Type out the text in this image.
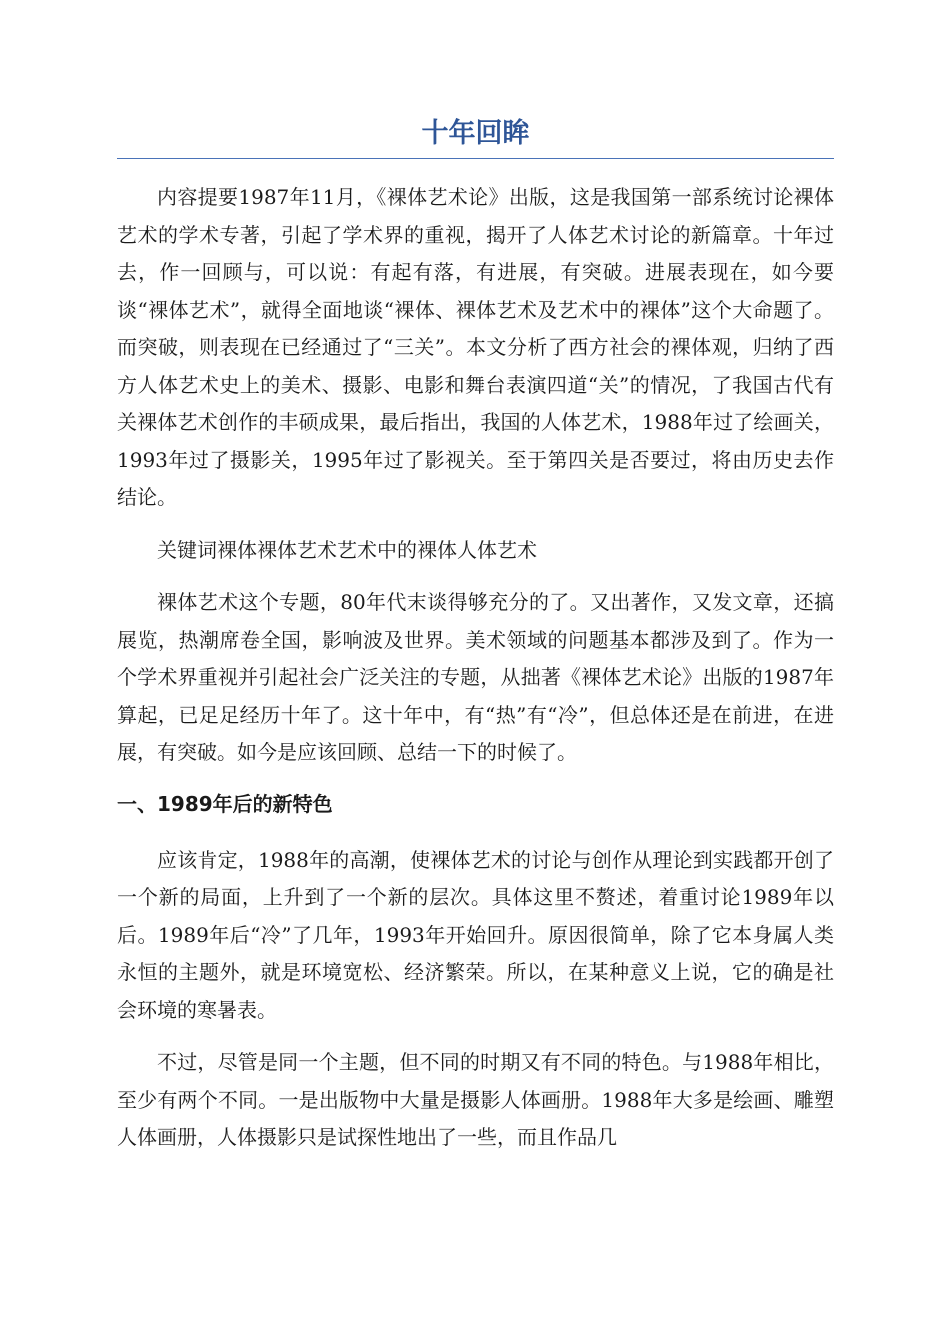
十年回眸

内容提要1987年11月，《裸体艺术论》出版，这是我国第一部系统讨论裸体艺术的学术专著，引起了学术界的重视，揭开了人体艺术讨论的新篇章。十年过去，作一回顾与，可以说：有起有落，有进展，有突破。进展表现在，如今要谈“裸体艺术”，就得全面地谈“裸体、裸体艺术及艺术中的裸体”这个大命题了。而突破，则表现在已经通过了“三关”。本文分析了西方社会的裸体观，归纳了西方人体艺术史上的美术、摄影、电影和舞台表演四道“关”的情况，了我国古代有关裸体艺术创作的丰硕成果，最后指出，我国的人体艺术，1988年过了绘画关，1993年过了摄影关，1995年过了影视关。至于第四关是否要过，将由历史去作结论。

关键词裸体裸体艺术艺术中的裸体人体艺术

裸体艺术这个专题，80年代末谈得够充分的了。又出著作，又发文章，还搞展览，热潮席卷全国，影响波及世界。美术领域的问题基本都涉及到了。作为一个学术界重视并引起社会广泛关注的专题，从拙著《裸体艺术论》出版的1987年算起，已足足经历十年了。这十年中，有“热”有“冷”，但总体还是在前进，在进展，有突破。如今是应该回顾、总结一下的时候了。

一、1989年后的新特色

应该肯定，1988年的高潮，使裸体艺术的讨论与创作从理论到实践都开创了一个新的局面，上升到了一个新的层次。具体这里不赘述，着重讨论1989年以后。1989年后“冷”了几年，1993年开始回升。原因很简单，除了它本身属人类永恒的主题外，就是环境宽松、经济繁荣。所以，在某种意义上说，它的确是社会环境的寒暑表。

不过，尽管是同一个主题，但不同的时期又有不同的特色。与1988年相比，至少有两个不同。一是出版物中大量是摄影人体画册。1988年大多是绘画、雕塑人体画册，人体摄影只是试探性地出了一些，而且作品几
